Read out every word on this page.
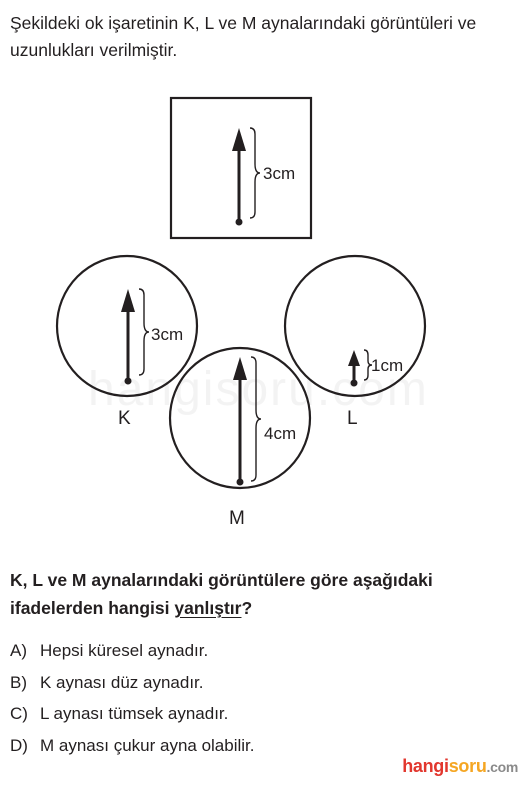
Şekildeki ok işaretinin K, L ve M aynalarındaki görüntüleri ve uzunlukları verilmiştir.

3cm
3cm
1cm
4cm
K	L
M

K, L ve M aynalarındaki görüntülere göre aşağıdaki ifadelerden hangisi yanlıştır?

A) Hepsi küresel aynadır.
B) K aynası düz aynadır.
C) L aynası tümsek aynadır.
D) M aynası çukur ayna olabilir.
hangisoru.com
